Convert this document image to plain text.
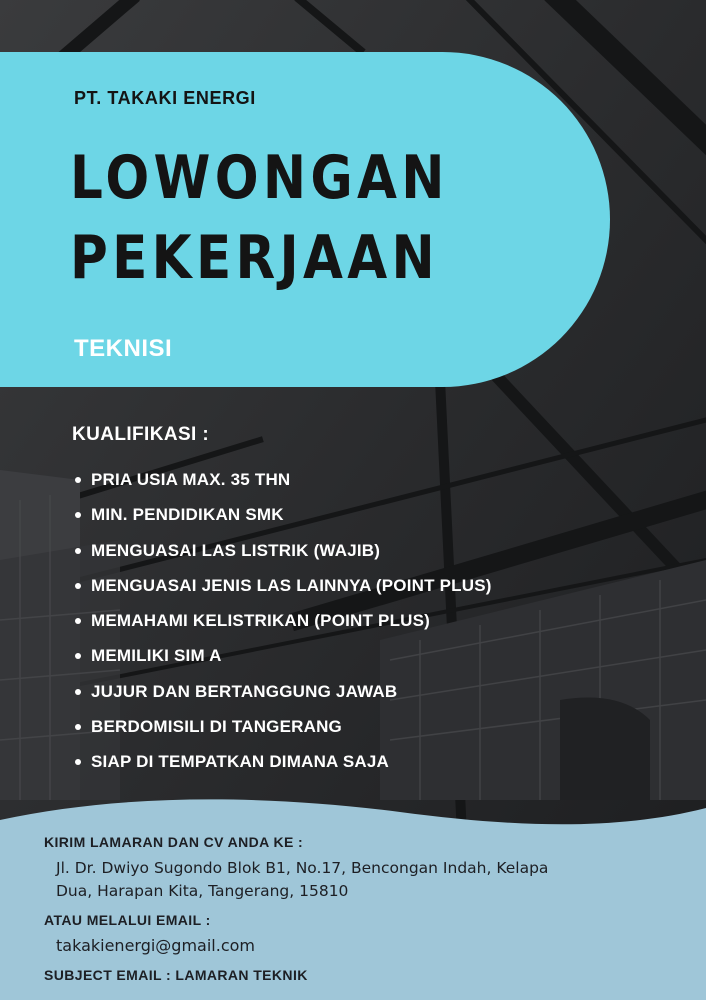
PT. TAKAKI ENERGI
LOWONGAN
PEKERJAAN
TEKNISI
KUALIFIKASI :
PRIA USIA MAX. 35 THN
MIN. PENDIDIKAN SMK
MENGUASAI LAS LISTRIK (WAJIB)
MENGUASAI JENIS LAS LAINNYA (POINT PLUS)
MEMAHAMI KELISTRIKAN (POINT PLUS)
MEMILIKI SIM A
JUJUR DAN BERTANGGUNG JAWAB
BERDOMISILI DI TANGERANG
SIAP DI TEMPATKAN DIMANA SAJA
KIRIM LAMARAN DAN CV ANDA KE :
Jl. Dr. Dwiyo Sugondo Blok B1, No.17, Bencongan Indah, Kelapa
Dua, Harapan Kita, Tangerang, 15810
ATAU MELALUI EMAIL :
takakienergi@gmail.com
SUBJECT EMAIL : LAMARAN TEKNIK
